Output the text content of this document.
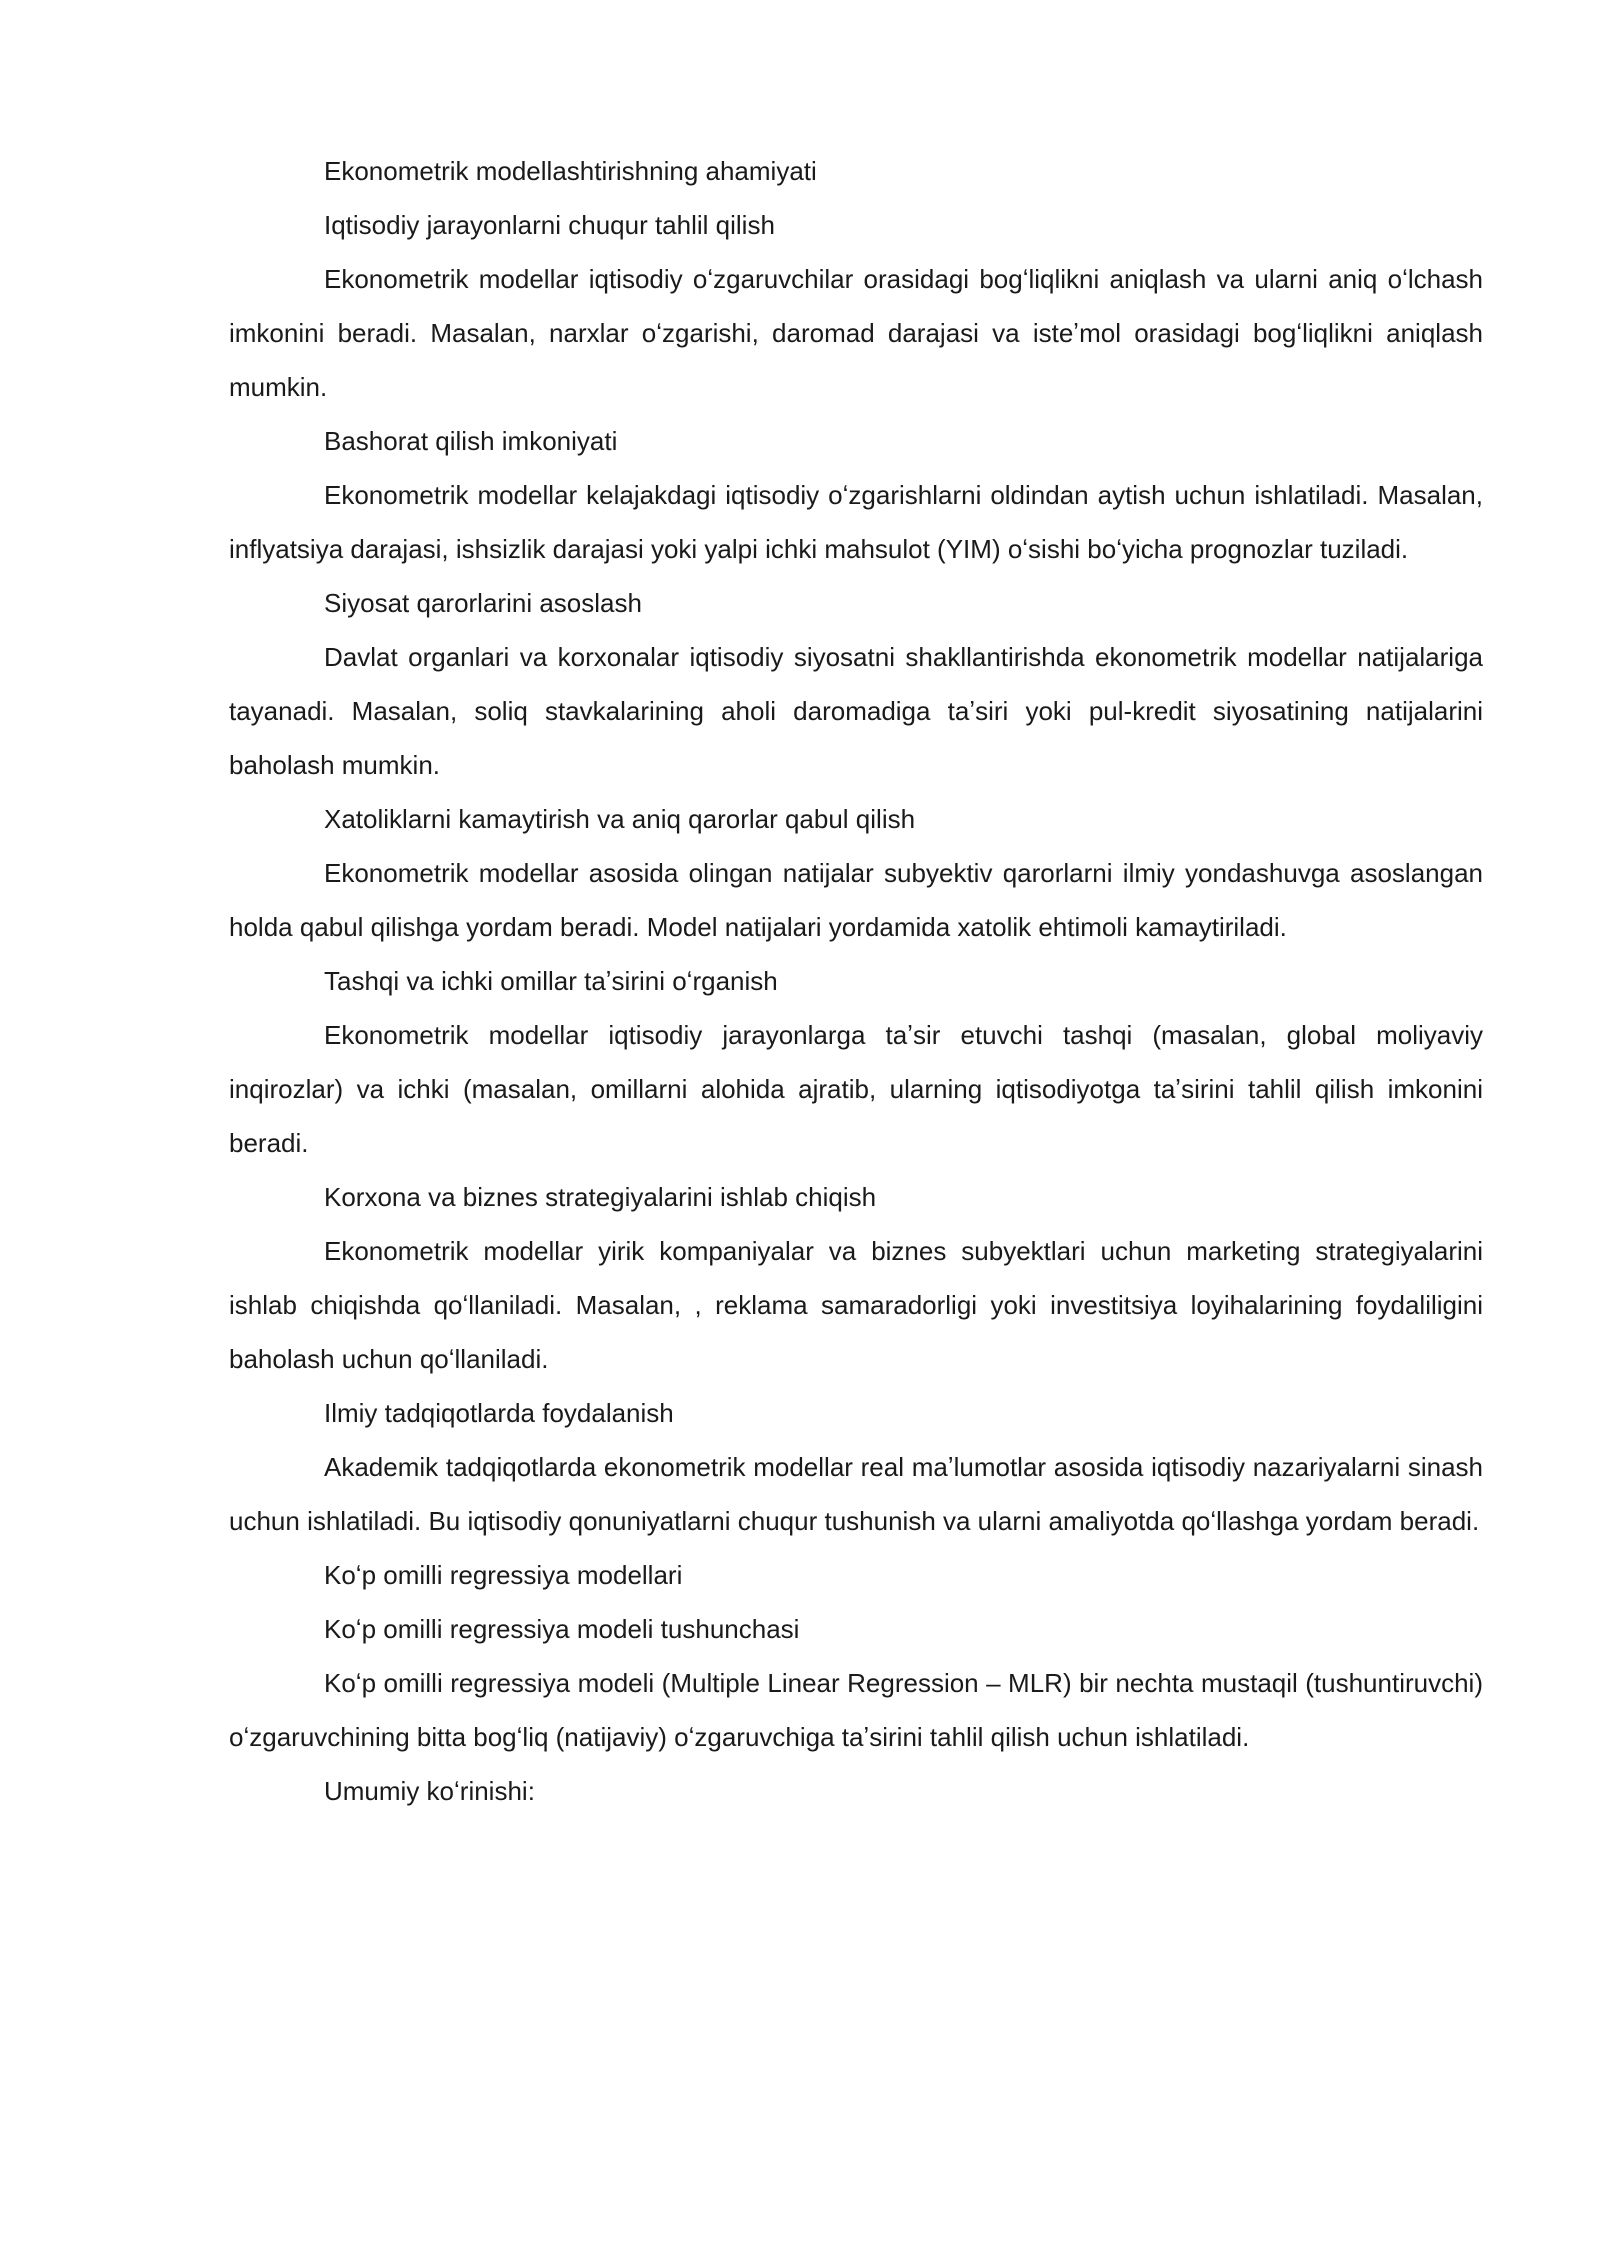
Ekonometrik modellashtirishning ahamiyati

Iqtisodiy jarayonlarni chuqur tahlil qilish

Ekonometrik modellar iqtisodiy oʻzgaruvchilar orasidagi bogʻliqlikni aniqlash va ularni aniq oʻlchash imkonini beradi. Masalan, narxlar oʻzgarishi, daromad darajasi va isteʼmol orasidagi bogʻliqlikni aniqlash mumkin.

Bashorat qilish imkoniyati

Ekonometrik modellar kelajakdagi iqtisodiy oʻzgarishlarni oldindan aytish uchun ishlatiladi. Masalan, inflyatsiya darajasi, ishsizlik darajasi yoki yalpi ichki mahsulot (YIM) oʻsishi boʻyicha prognozlar tuziladi.

Siyosat qarorlarini asoslash

Davlat organlari va korxonalar iqtisodiy siyosatni shakllantirishda ekonometrik modellar natijalariga tayanadi. Masalan, soliq stavkalarining aholi daromadiga taʼsiri yoki pul-kredit siyosatining natijalarini baholash mumkin.

Xatoliklarni kamaytirish va aniq qarorlar qabul qilish

Ekonometrik modellar asosida olingan natijalar subyektiv qarorlarni ilmiy yondashuvga asoslangan holda qabul qilishga yordam beradi. Model natijalari yordamida xatolik ehtimoli kamaytiriladi.

Tashqi va ichki omillar taʼsirini oʻrganish

Ekonometrik modellar iqtisodiy jarayonlarga taʼsir etuvchi tashqi (masalan, global moliyaviy inqirozlar) va ichki (masalan, omillarni alohida ajratib, ularning iqtisodiyotga taʼsirini tahlil qilish imkonini beradi.

Korxona va biznes strategiyalarini ishlab chiqish

Ekonometrik modellar yirik kompaniyalar va biznes subyektlari uchun marketing strategiyalarini ishlab chiqishda qoʻllaniladi. Masalan, , reklama samaradorligi yoki investitsiya loyihalarining foydaliligini baholash uchun qoʻllaniladi.

Ilmiy tadqiqotlarda foydalanish

Akademik tadqiqotlarda ekonometrik modellar real maʼlumotlar asosida iqtisodiy nazariyalarni sinash uchun ishlatiladi. Bu iqtisodiy qonuniyatlarni chuqur tushunish va ularni amaliyotda qoʻllashga yordam beradi.

Koʻp omilli regressiya modellari

Koʻp omilli regressiya modeli tushunchasi

Koʻp omilli regressiya modeli (Multiple Linear Regression – MLR) bir nechta mustaqil (tushuntiruvchi) oʻzgaruvchining bitta bogʻliq (natijaviy) oʻzgaruvchiga taʼsirini tahlil qilish uchun ishlatiladi.

Umumiy koʻrinishi:
